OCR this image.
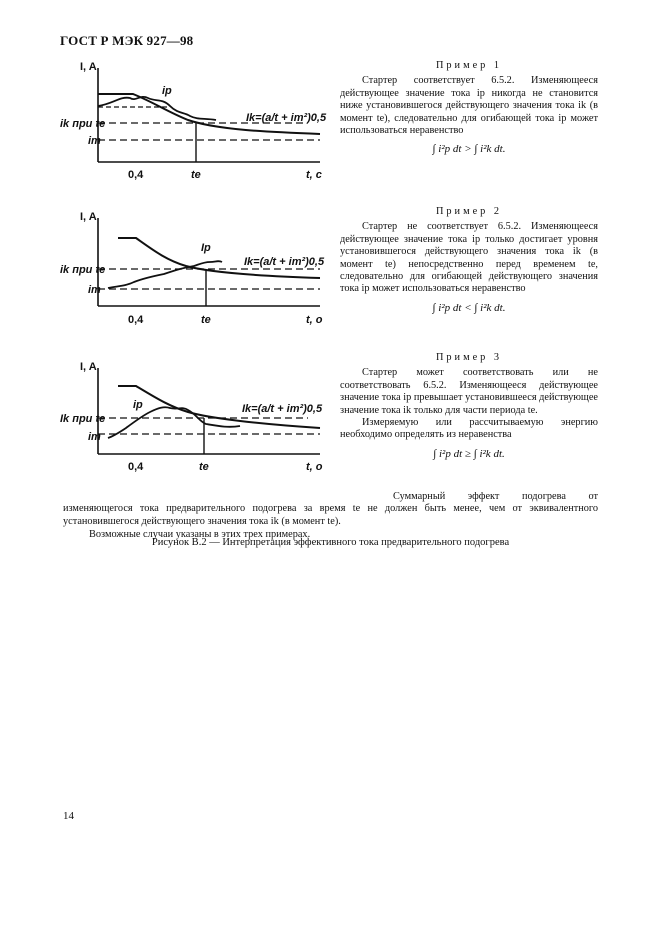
ГОСТ Р МЭК 927—98
I, A
ip
ik при te
im
Ik=(a/t + im²)0,5
0,4	te	t, c
I, A
Ip
ik при te
im
Ik=(a/t + im²)0,5
0,4	te	t, o
I, A
ip
Ik при te
im
Ik=(a/t + im²)0,5
0,4	te	t, o
Пример 1
Стартер соответствует 6.5.2. Изменяющееся действующее значение тока ip никогда не становится ниже установившегося действующего значения тока ik (в момент te), следовательно для огибающей тока ip может использоваться неравенство
∫ i²p dt > ∫ i²k dt.
Пример 2
Стартер не соответствует 6.5.2. Изменяющееся действующее значение тока ip только достигает уровня установившегося действующего значения тока ik (в момент te) непосредственно перед временем te, следовательно для огибающей действующего значения тока ip может использоваться неравенство
∫ i²p dt < ∫ i²k dt.
Пример 3
Стартер может соответствовать или не соответствовать 6.5.2. Изменяющееся действующее значение тока ip превышает установившееся действующее значение тока ik только для части периода te.
Измеряемую или рассчитываемую энергию необходимо определять из неравенства
∫ i²p dt ≥ ∫ i²k dt.
Суммарный эффект подогрева от изменяющегося тока предварительного подогрева за время te не должен быть менее, чем от эквивалентного установившегося действующего значения тока ik (в момент te).
Возможные случаи указаны в этих трех примерах.
Рисунок B.2 — Интерпретация эффективного тока предварительного подогрева
14
